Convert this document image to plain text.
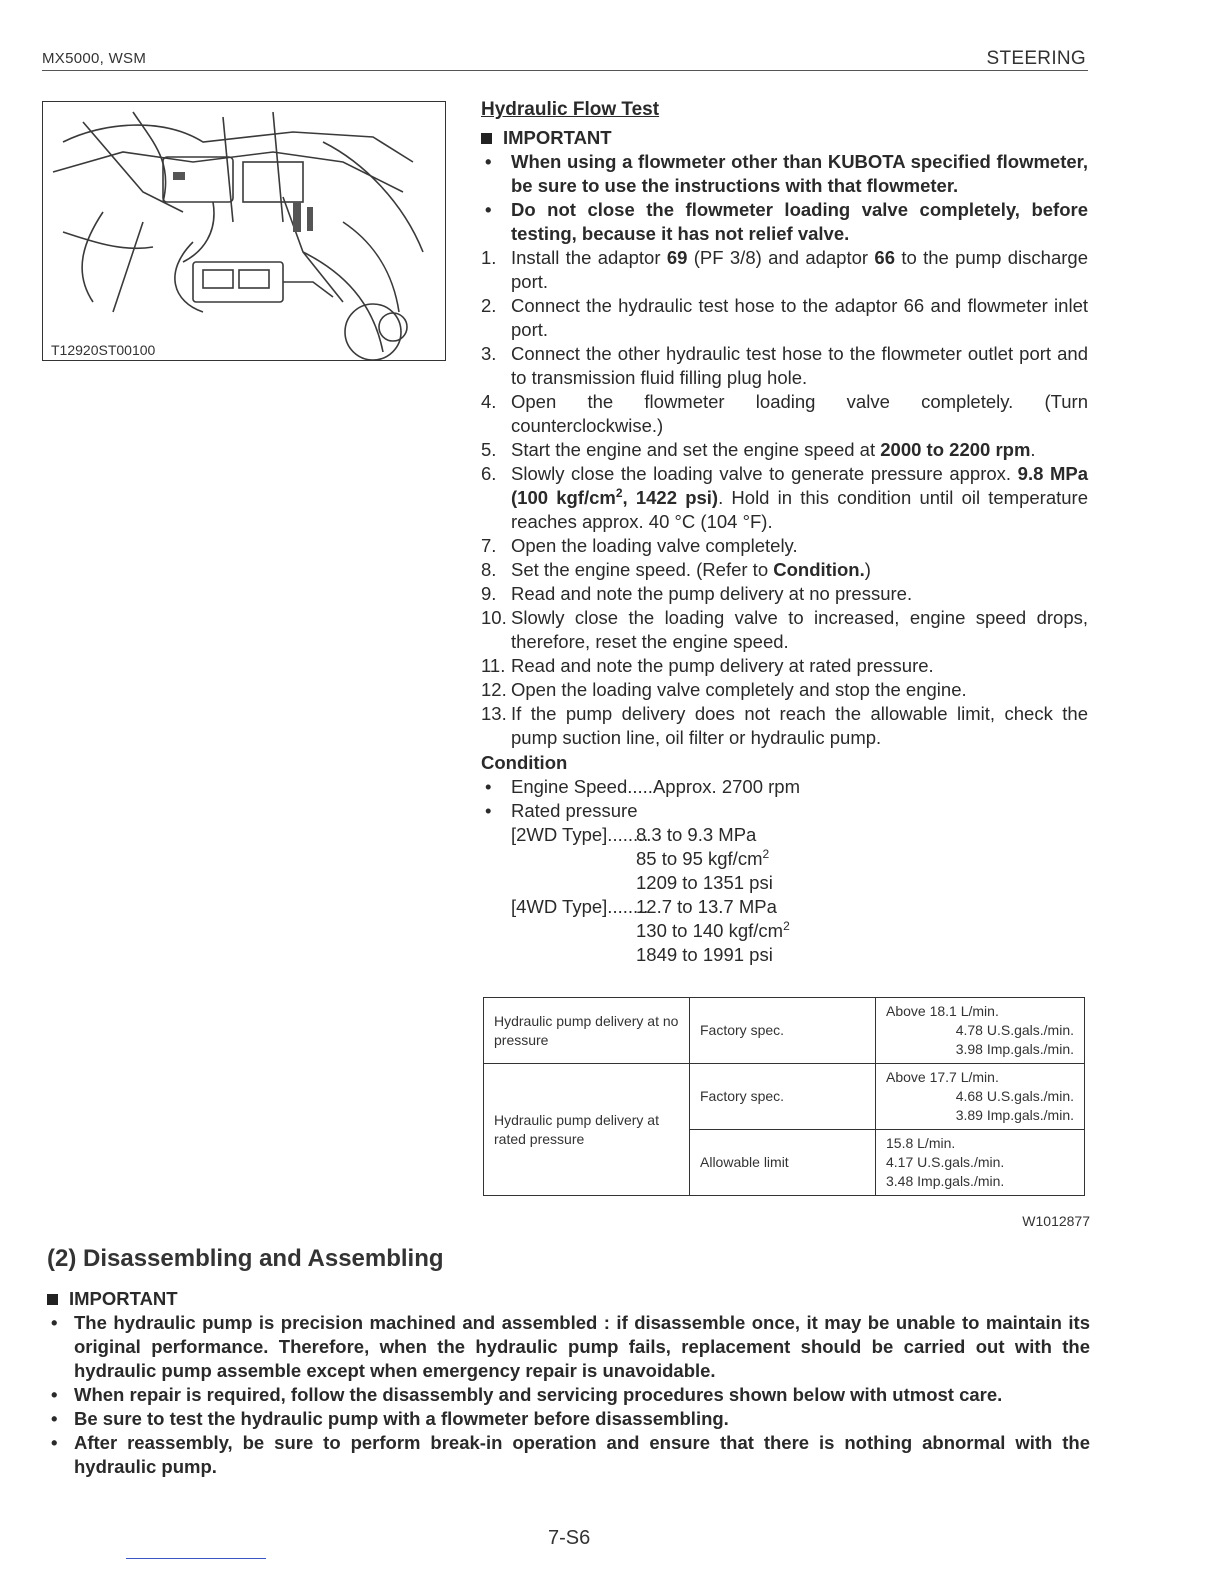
MX5000, WSM	STEERING
T12920ST00100
Hydraulic Flow Test
IMPORTANT
• When using a flowmeter other than KUBOTA specified flowmeter, be sure to use the instructions with that flowmeter.
• Do not close the flowmeter loading valve completely, before testing, because it has not relief valve.
1. Install the adaptor 69 (PF 3/8) and adaptor 66 to the pump discharge port.
2. Connect the hydraulic test hose to the adaptor 66 and flowmeter inlet port.
3. Connect the other hydraulic test hose to the flowmeter outlet port and to transmission fluid filling plug hole.
4. Open the flowmeter loading valve completely. (Turn counterclockwise.)
5. Start the engine and set the engine speed at 2000 to 2200 rpm.
6. Slowly close the loading valve to generate pressure approx. 9.8 MPa (100 kgf/$cm^2$, 1422 psi). Hold in this condition until oil temperature reaches approx. 40 °C (104 °F).
7. Open the loading valve completely.
8. Set the engine speed. (Refer to Condition.)
9. Read and note the pump delivery at no pressure.
10. Slowly close the loading valve to increased, engine speed drops, therefore, reset the engine speed.
11. Read and note the pump delivery at rated pressure.
12. Open the loading valve completely and stop the engine.
13. If the pump delivery does not reach the allowable limit, check the pump suction line, oil filter or hydraulic pump.
Condition
• Engine Speed.....Approx. 2700 rpm
• Rated pressure
[2WD Type]........
8.3 to 9.3 MPa
85 to 95 kgf/$cm^2$
1209 to 1351 psi
[4WD Type]........
12.7 to 13.7 MPa
130 to 140 kgf/$cm^2$
1849 to 1991 psi
Hydraulic pump delivery at no pressure	Factory spec.	Above 18.1 L/min.
4.78 U.S.gals./min.
3.98 Imp.gals./min.

Hydraulic pump delivery at rated pressure	Factory spec.	Above 17.7 L/min.
4.68 U.S.gals./min.
3.89 Imp.gals./min.

	Allowable limit	15.8 L/min.
4.17 U.S.gals./min.
3.48 Imp.gals./min.
W1012877
(2) Disassembling and Assembling
IMPORTANT
• The hydraulic pump is precision machined and assembled : if disassemble once, it may be unable to maintain its original performance. Therefore, when the hydraulic pump fails, replacement should be carried out with the hydraulic pump assemble except when emergency repair is unavoidable.
• When repair is required, follow the disassembly and servicing procedures shown below with utmost care.
• Be sure to test the hydraulic pump with a flowmeter before disassembling.
• After reassembly, be sure to perform break-in operation and ensure that there is nothing abnormal with the hydraulic pump.
7-S6
